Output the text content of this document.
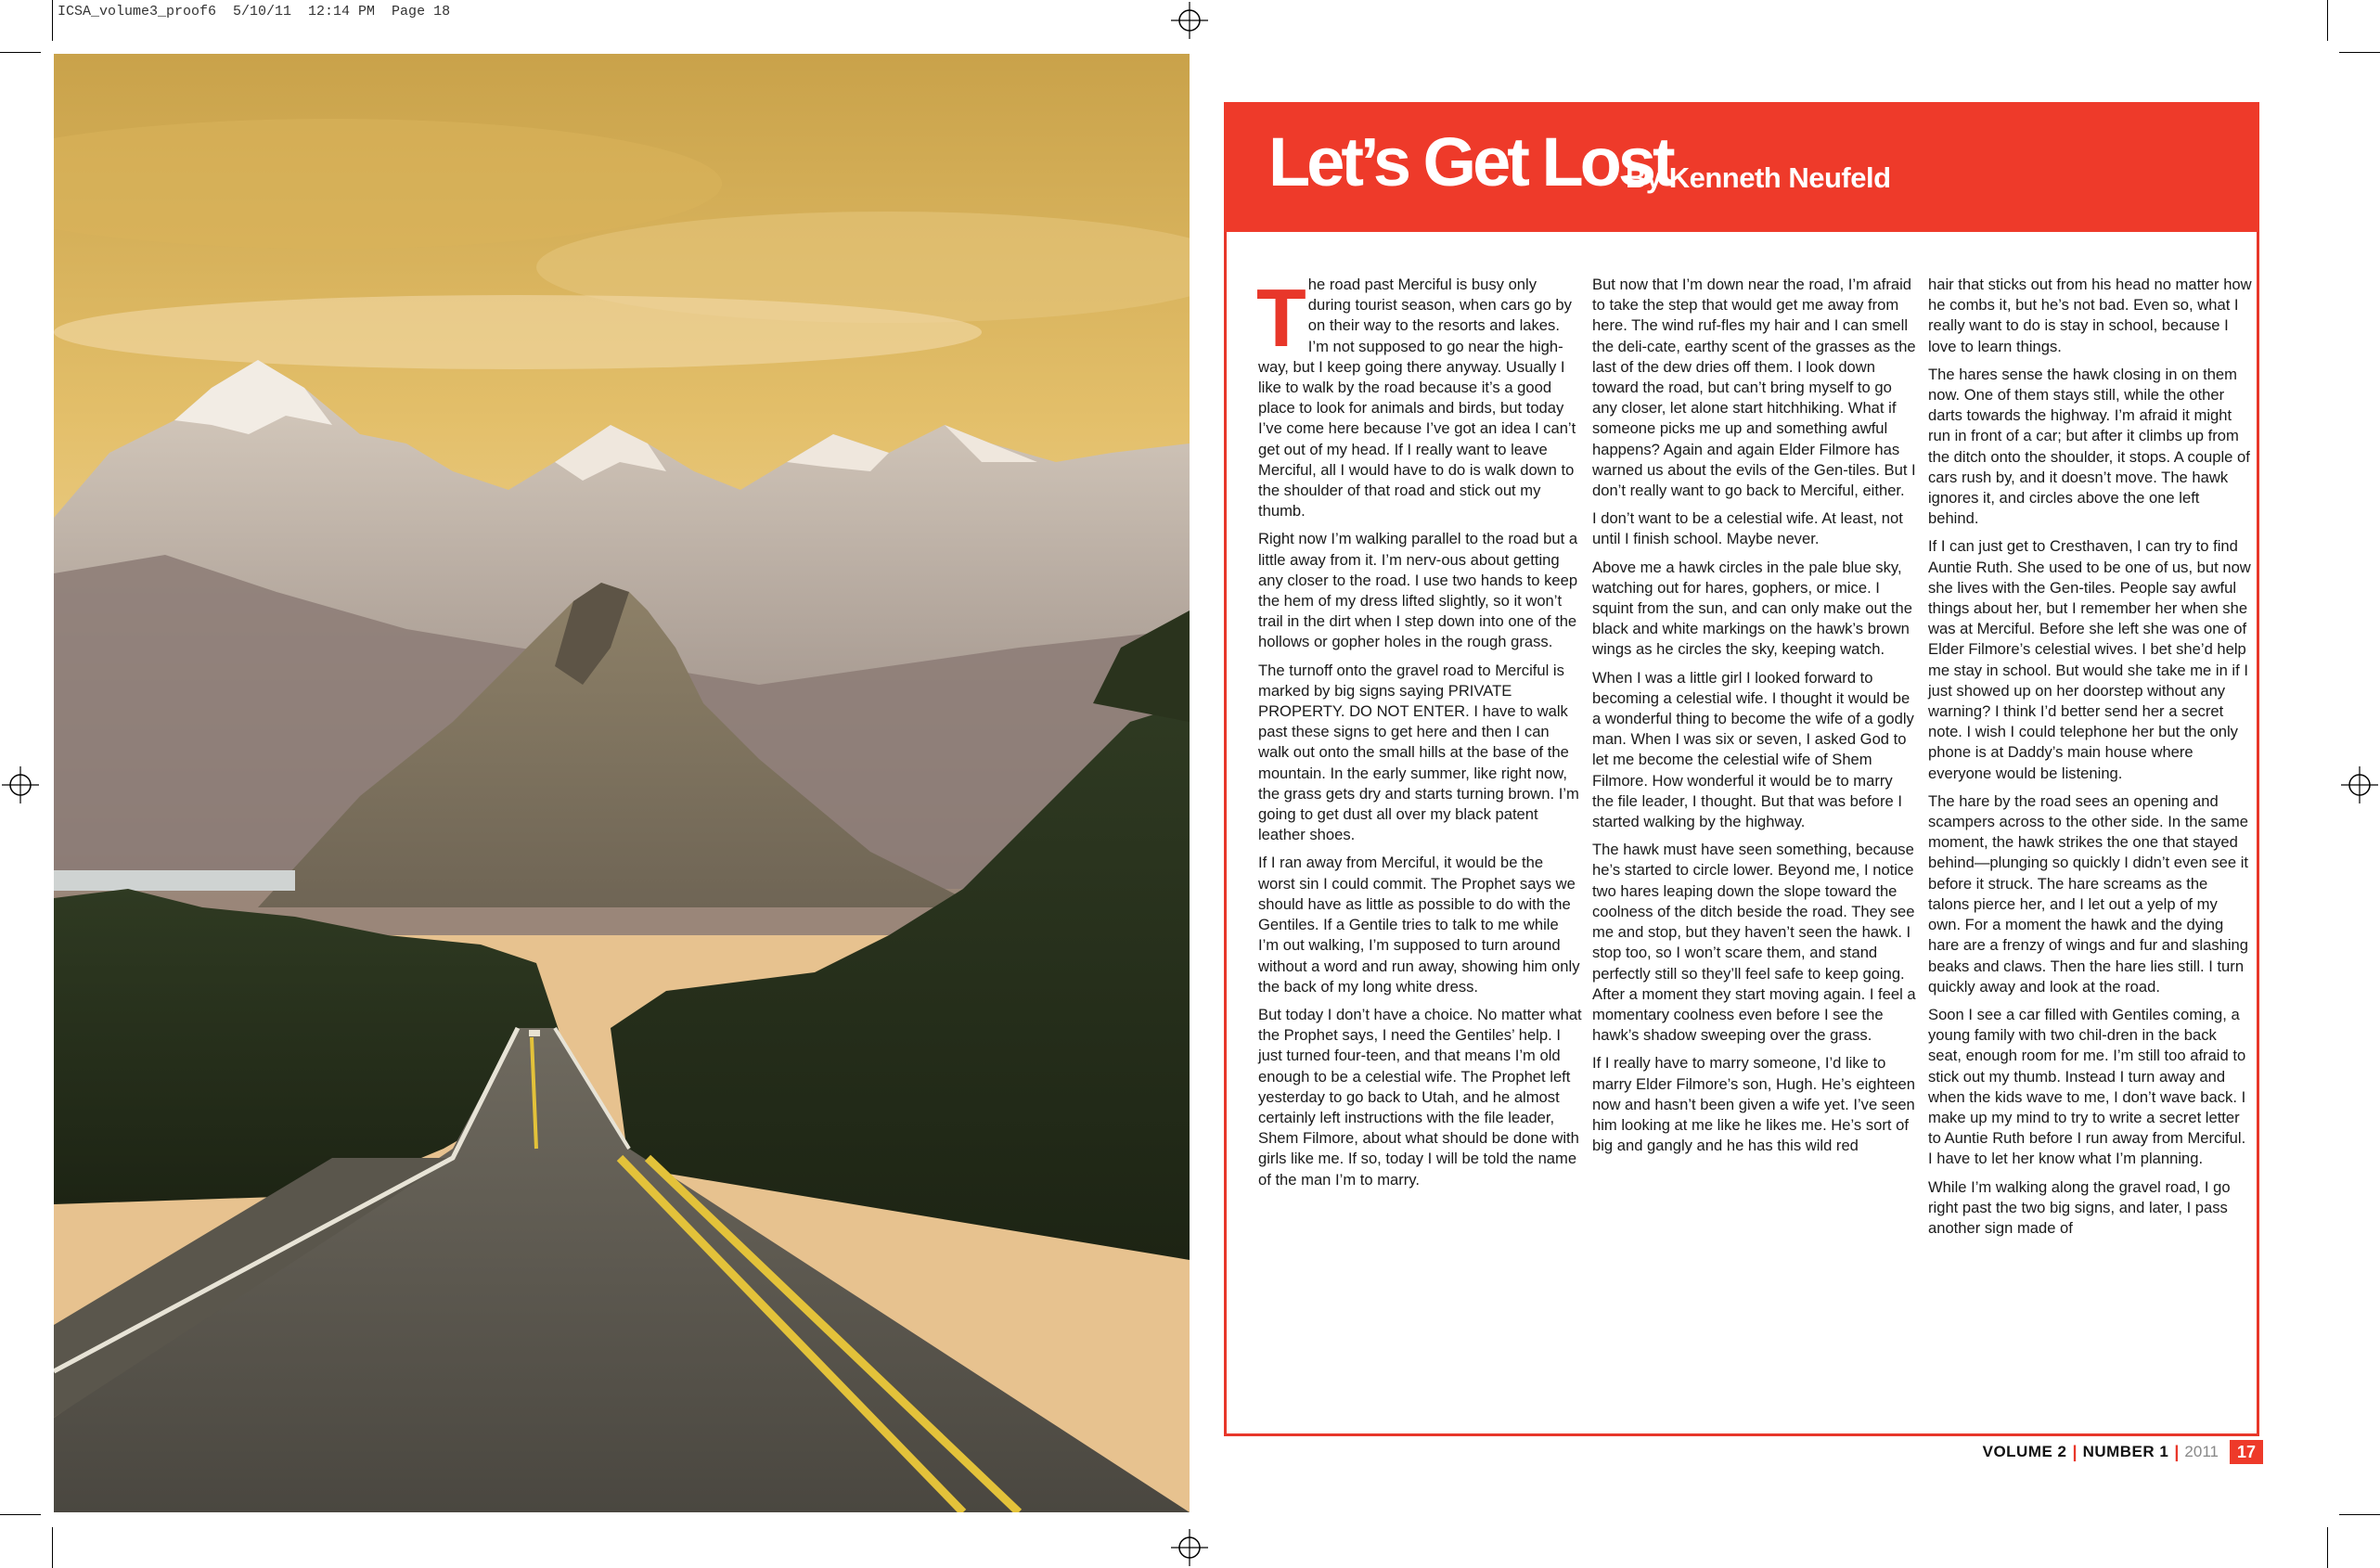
ICSA_volume3_proof6  5/10/11  12:14 PM  Page 18
Let’s Get Lost
By Kenneth Neufeld

The road past Merciful is busy only during tourist season, when cars go by on their way to the resorts and lakes. I’m not supposed to go near the high-way, but I keep going there anyway. Usually I like to walk by the road because it’s a good place to look for animals and birds, but today I’ve come here because I’ve got an idea I can’t get out of my head. If I really want to leave Merciful, all I would have to do is walk down to the shoulder of that road and stick out my thumb.

Right now I’m walking parallel to the road but a little away from it. I’m nerv-ous about getting any closer to the road. I use two hands to keep the hem of my dress lifted slightly, so it won’t trail in the dirt when I step down into one of the hollows or gopher holes in the rough grass.

The turnoff onto the gravel road to Merciful is marked by big signs saying PRIVATE PROPERTY. DO NOT ENTER. I have to walk past these signs to get here and then I can walk out onto the small hills at the base of the mountain. In the early summer, like right now, the grass gets dry and starts turning brown. I’m going to get dust all over my black patent leather shoes.

If I ran away from Merciful, it would be the worst sin I could commit. The Prophet says we should have as little as possible to do with the Gentiles. If a Gentile tries to talk to me while I’m out walking, I’m supposed to turn around without a word and run away, showing him only the back of my long white dress.

But today I don’t have a choice. No matter what the Prophet says, I need the Gentiles’ help. I just turned four-teen, and that means I’m old enough to be a celestial wife. The Prophet left yesterday to go back to Utah, and he almost certainly left instructions with the file leader, Shem Filmore, about what should be done with girls like me. If so, today I will be told the name of the man I’m to marry.

But now that I’m down near the road, I’m afraid to take the step that would get me away from here. The wind ruf-fles my hair and I can smell the deli-cate, earthy scent of the grasses as the last of the dew dries off them. I look down toward the road, but can’t bring myself to go any closer, let alone start hitchhiking. What if someone picks me up and something awful happens? Again and again Elder Filmore has warned us about the evils of the Gen-tiles. But I don’t really want to go back to Merciful, either.

I don’t want to be a celestial wife. At least, not until I finish school. Maybe never.

Above me a hawk circles in the pale blue sky, watching out for hares, gophers, or mice. I squint from the sun, and can only make out the black and white markings on the hawk’s brown wings as he circles the sky, keeping watch.

When I was a little girl I looked forward to becoming a celestial wife. I thought it would be a wonderful thing to become the wife of a godly man. When I was six or seven, I asked God to let me become the celestial wife of Shem Filmore. How wonderful it would be to marry the file leader, I thought. But that was before I started walking by the highway.

The hawk must have seen something, because he’s started to circle lower. Beyond me, I notice two hares leaping down the slope toward the coolness of the ditch beside the road. They see me and stop, but they haven’t seen the hawk. I stop too, so I won’t scare them, and stand perfectly still so they’ll feel safe to keep going. After a moment they start moving again. I feel a momentary coolness even before I see the hawk’s shadow sweeping over the grass.

If I really have to marry someone, I’d like to marry Elder Filmore’s son, Hugh. He’s eighteen now and hasn’t been given a wife yet. I’ve seen him looking at me like he likes me. He’s sort of big and gangly and he has this wild red

hair that sticks out from his head no matter how he combs it, but he’s not bad. Even so, what I really want to do is stay in school, because I love to learn things.

The hares sense the hawk closing in on them now. One of them stays still, while the other darts towards the highway. I’m afraid it might run in front of a car; but after it climbs up from the ditch onto the shoulder, it stops. A couple of cars rush by, and it doesn’t move. The hawk ignores it, and circles above the one left behind.

If I can just get to Cresthaven, I can try to find Auntie Ruth. She used to be one of us, but now she lives with the Gen-tiles. People say awful things about her, but I remember her when she was at Merciful. Before she left she was one of Elder Filmore’s celestial wives. I bet she’d help me stay in school. But would she take me in if I just showed up on her doorstep without any warning? I think I’d better send her a secret note. I wish I could telephone her but the only phone is at Daddy’s main house where everyone would be listening.

The hare by the road sees an opening and scampers across to the other side. In the same moment, the hawk strikes the one that stayed behind—plunging so quickly I didn’t even see it before it struck. The hare screams as the talons pierce her, and I let out a yelp of my own. For a moment the hawk and the dying hare are a frenzy of wings and fur and slashing beaks and claws. Then the hare lies still. I turn quickly away and look at the road.

Soon I see a car filled with Gentiles coming, a young family with two chil-dren in the back seat, enough room for me. I’m still too afraid to stick out my thumb. Instead I turn away and when the kids wave to me, I don’t wave back. I make up my mind to try to write a secret letter to Auntie Ruth before I run away from Merciful. I have to let her know what I’m planning.

While I’m walking along the gravel road, I go right past the two big signs, and later, I pass another sign made of

VOLUME 2 | NUMBER 1 | 2011	17
